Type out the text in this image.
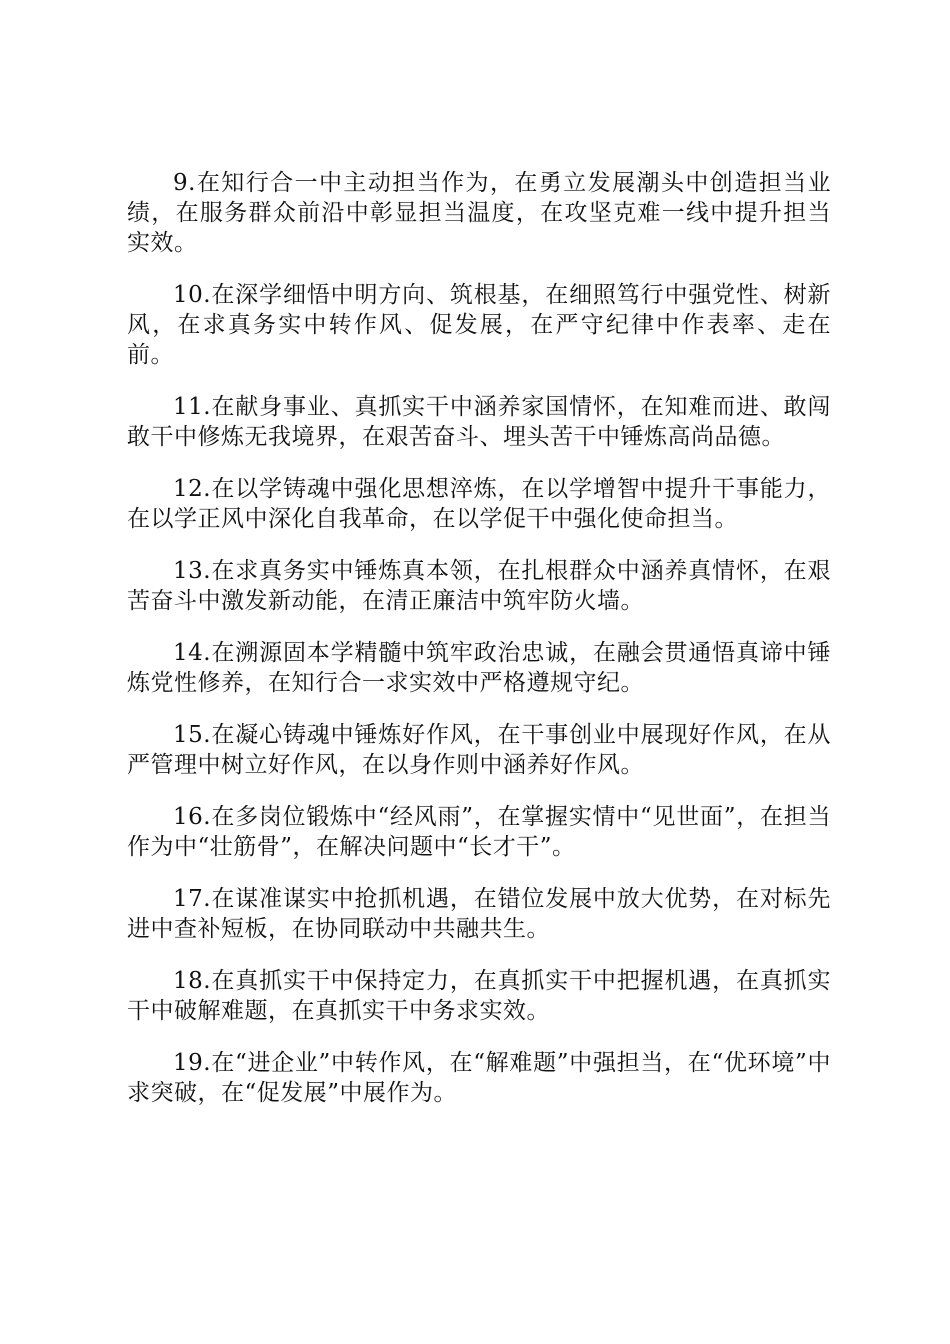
9.在知行合一中主动担当作为，在勇立发展潮头中创造担当业绩，在服务群众前沿中彰显担当温度，在攻坚克难一线中提升担当实效。

10.在深学细悟中明方向、筑根基，在细照笃行中强党性、树新风，在求真务实中转作风、促发展，在严守纪律中作表率、走在前。

11.在献身事业、真抓实干中涵养家国情怀，在知难而进、敢闯敢干中修炼无我境界，在艰苦奋斗、埋头苦干中锤炼高尚品德。

12.在以学铸魂中强化思想淬炼，在以学增智中提升干事能力，在以学正风中深化自我革命，在以学促干中强化使命担当。

13.在求真务实中锤炼真本领，在扎根群众中涵养真情怀，在艰苦奋斗中激发新动能，在清正廉洁中筑牢防火墙。

14.在溯源固本学精髓中筑牢政治忠诚，在融会贯通悟真谛中锤炼党性修养，在知行合一求实效中严格遵规守纪。

15.在凝心铸魂中锤炼好作风，在干事创业中展现好作风，在从严管理中树立好作风，在以身作则中涵养好作风。

16.在多岗位锻炼中“经风雨”，在掌握实情中“见世面”，在担当作为中“壮筋骨”，在解决问题中“长才干”。

17.在谋准谋实中抢抓机遇，在错位发展中放大优势，在对标先进中查补短板，在协同联动中共融共生。

18.在真抓实干中保持定力，在真抓实干中把握机遇，在真抓实干中破解难题，在真抓实干中务求实效。

19.在“进企业”中转作风，在“解难题”中强担当，在“优环境”中求突破，在“促发展”中展作为。
